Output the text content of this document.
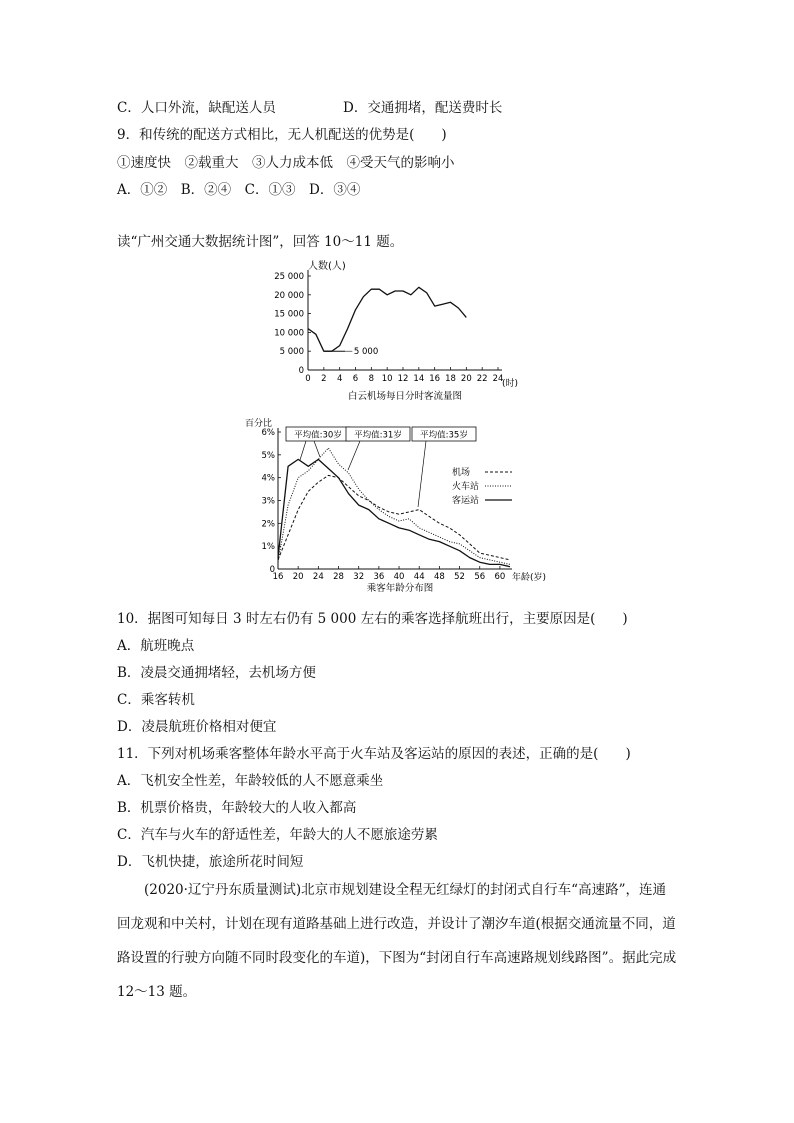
C．人口外流，缺配送人员	D．交通拥堵，配送费时长
9．和传统的配送方式相比，无人机配送的优势是(　　)
①速度快　②载重大　③人力成本低　④受天气的影响小
A．①②　B．②④　C．①③　D．③④
读“广州交通大数据统计图”，回答 10～11 题。
0 2 4 6 8 10 12 14 16 18 20 22 24
0
5 000
10 000
15 000
20 000
25 000
人数(人)
(时)
5 000
白云机场每日分时客流量图
16 20 24 28 32 36 40 44 48 52 56 60
0
1%
2%
3%
4%
5%
6%
百分比
年龄(岁)
乘客年龄分布图
平均值:30岁 平均值:31岁 平均值:35岁
机场
火车站
客运站
10．据图可知每日 3 时左右仍有 5 000 左右的乘客选择航班出行，主要原因是(　　)
A．航班晚点
B．凌晨交通拥堵轻，去机场方便
C．乘客转机
D．凌晨航班价格相对便宜
11．下列对机场乘客整体年龄水平高于火车站及客运站的原因的表述，正确的是(　　)
A．飞机安全性差，年龄较低的人不愿意乘坐
B．机票价格贵，年龄较大的人收入都高
C．汽车与火车的舒适性差，年龄大的人不愿旅途劳累
D．飞机快捷，旅途所花时间短
　　(2020·辽宁丹东质量测试)北京市规划建设全程无红绿灯的封闭式自行车“高速路”，连通回龙观和中关村，计划在现有道路基础上进行改造，并设计了潮汐车道(根据交通流量不同，道路设置的行驶方向随不同时段变化的车道)，下图为“封闭自行车高速路规划线路图”。据此完成 12～13 题。
